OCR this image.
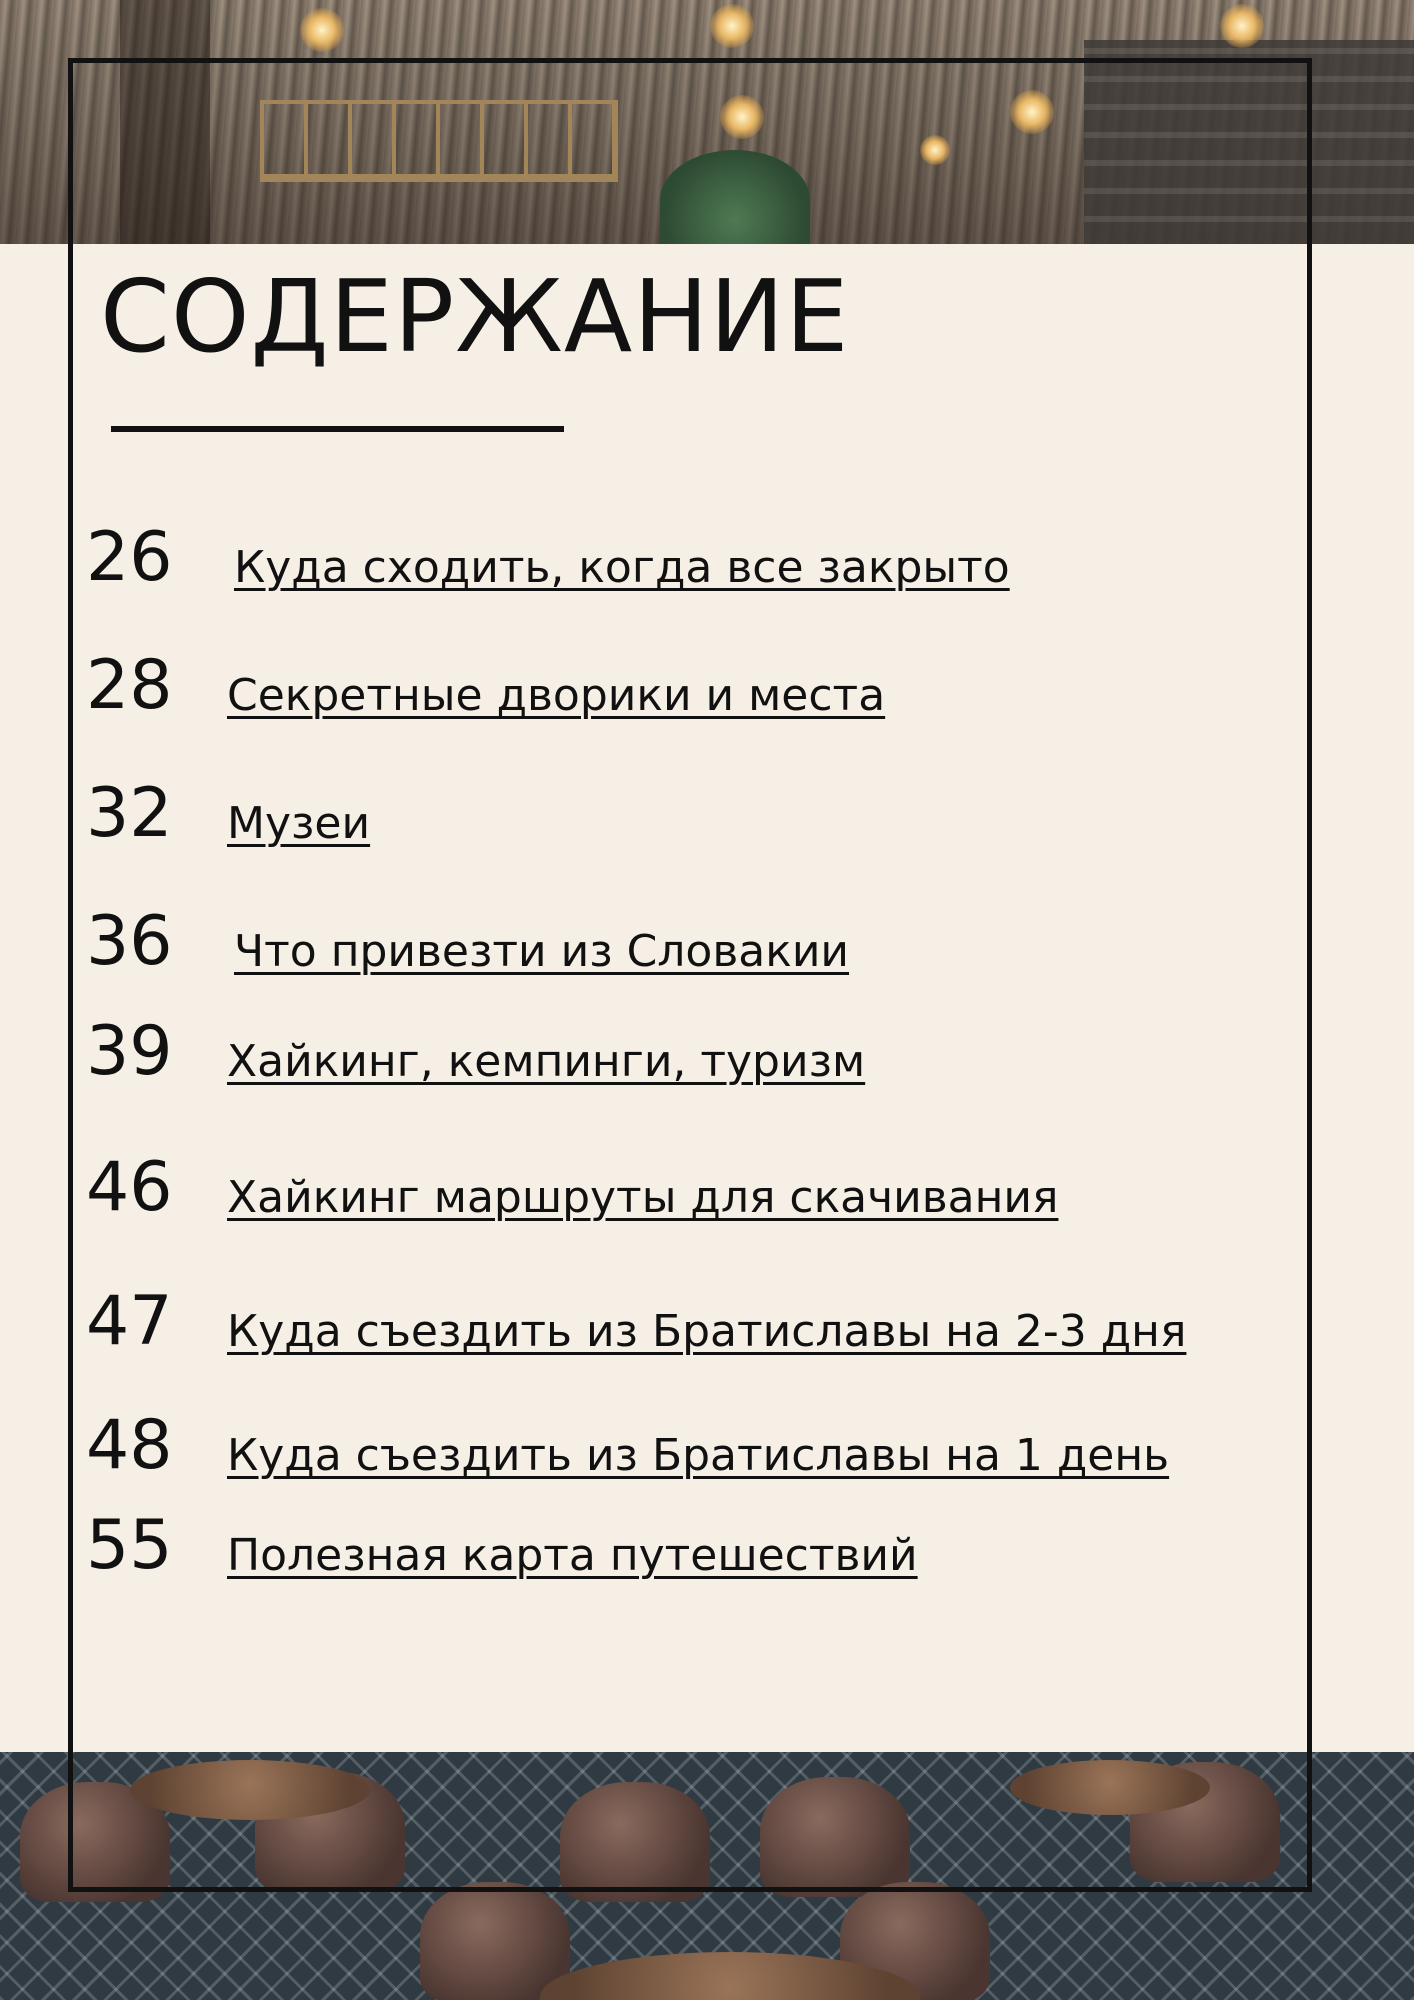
СОДЕРЖАНИЕ
26 Куда сходить, когда все закрыто
28 Секретные дворики и места
32 Музеи
36 Что привезти из Словакии
39 Хайкинг, кемпинги, туризм
46 Хайкинг маршруты для скачивания
47 Куда съездить из Братиславы на 2-3 дня
48 Куда съездить из Братиславы на 1 день
55 Полезная карта путешествий
